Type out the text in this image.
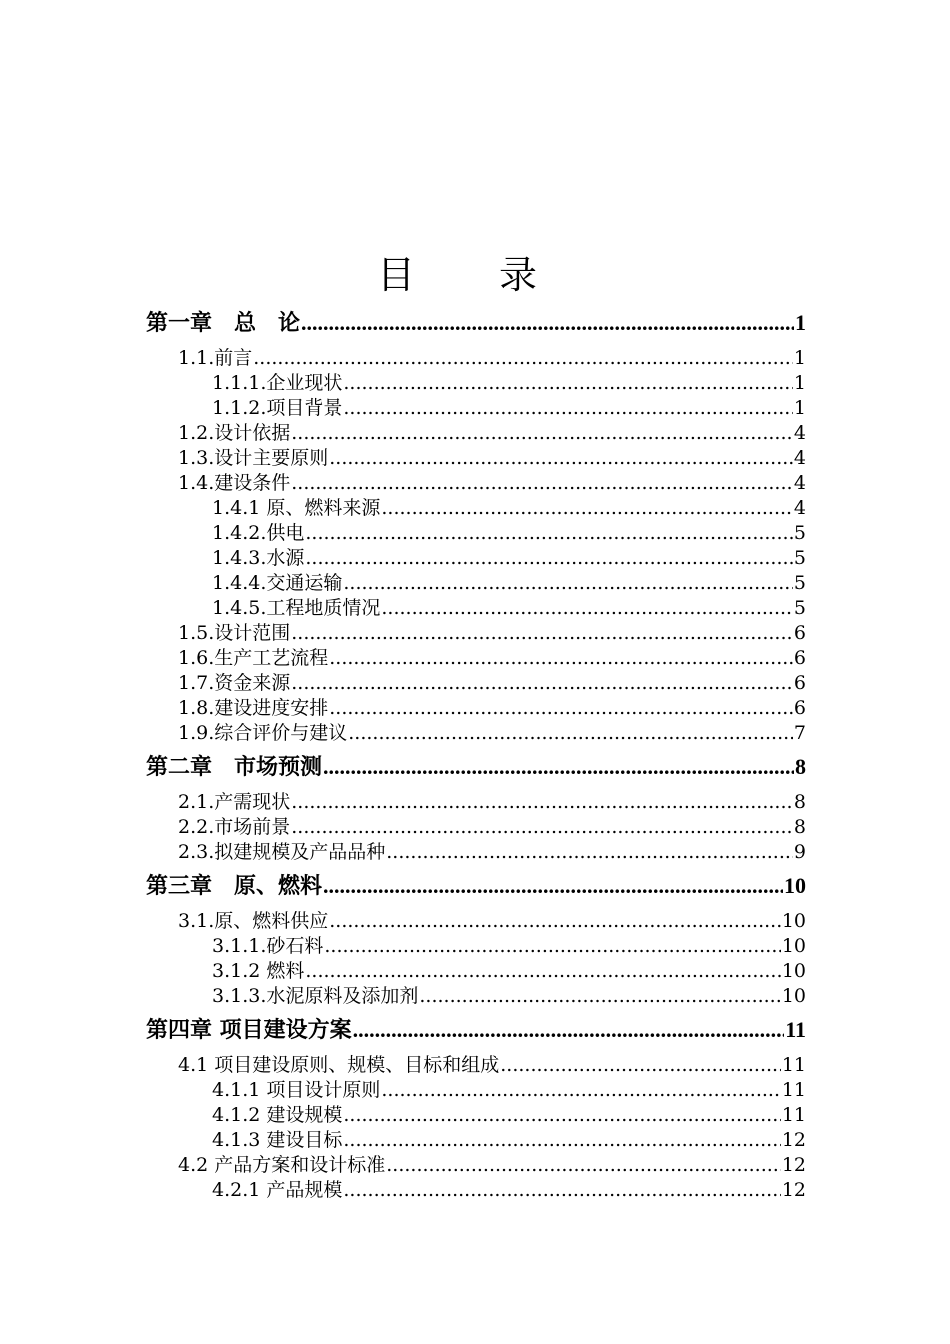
目 录
第一章　总　论 .....	1
1.1.前言 .....	1
1.1.1.企业现状 .....	1
1.1.2.项目背景 .....	1
1.2.设计依据 .....	4
1.3.设计主要原则 .....	4
1.4.建设条件 .....	4
1.4.1 原、燃料来源 .....	4
1.4.2.供电 .....	5
1.4.3.水源 .....	5
1.4.4.交通运输 .....	5
1.4.5.工程地质情况 .....	5
1.5.设计范围 .....	6
1.6.生产工艺流程 .....	6
1.7.资金来源 .....	6
1.8.建设进度安排 .....	6
1.9.综合评价与建议 .....	7
第二章　市场预测 .....	8
2.1.产需现状 .....	8
2.2.市场前景 .....	8
2.3.拟建规模及产品品种 .....	9
第三章　原、燃料 .....	10
3.1.原、燃料供应 .....	10
3.1.1.砂石料 .....	10
3.1.2 燃料 .....	10
3.1.3.水泥原料及添加剂 .....	10
第四章 项目建设方案 .....	11
4.1 项目建设原则、规模、目标和组成 .....	11
4.1.1 项目设计原则 .....	11
4.1.2 建设规模 .....	11
4.1.3 建设目标 .....	12
4.2 产品方案和设计标准 .....	12
4.2.1 产品规模 .....	12
